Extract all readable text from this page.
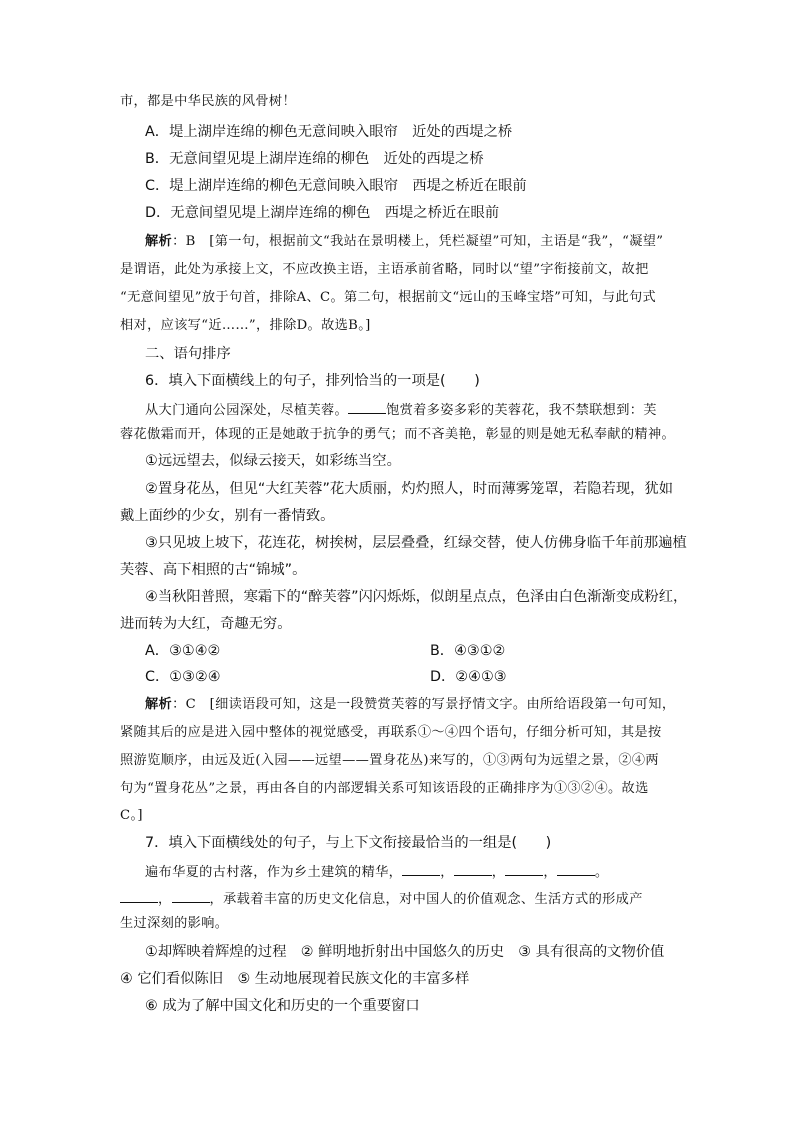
市，都是中华民族的风骨树！
A．堤上湖岸连绵的柳色无意间映入眼帘　近处的西堤之桥
B．无意间望见堤上湖岸连绵的柳色　近处的西堤之桥
C．堤上湖岸连绵的柳色无意间映入眼帘　西堤之桥近在眼前
D．无意间望见堤上湖岸连绵的柳色　西堤之桥近在眼前
解析：B　[第一句，根据前文“我站在景明楼上，凭栏凝望”可知，主语是“我”，“凝望”
是谓语，此处为承接上文，不应改换主语，主语承前省略，同时以“望”字衔接前文，故把
“无意间望见”放于句首，排除A、C。第二句，根据前文“远山的玉峰宝塔”可知，与此句式
相对，应该写“近……”，排除D。故选B。]
二、语句排序
6．填入下面横线上的句子，排列恰当的一项是(　　)
从大门通向公园深处，尽植芙蓉。	饱赏着多姿多彩的芙蓉花，我不禁联想到：芙
蓉花傲霜而开，体现的正是她敢于抗争的勇气；而不吝美艳，彰显的则是她无私奉献的精神。
①远远望去，似绿云接天，如彩练当空。
②置身花丛，但见“大红芙蓉”花大质丽，灼灼照人，时而薄雾笼罩，若隐若现，犹如
戴上面纱的少女，别有一番情致。
③只见坡上坡下，花连花，树挨树，层层叠叠，红绿交替，使人仿佛身临千年前那遍植
芙蓉、高下相照的古“锦城”。
④当秋阳普照，寒霜下的“醉芙蓉”闪闪烁烁，似朗星点点，色泽由白色渐渐变成粉红，
进而转为大红，奇趣无穷。
A．③①④②	B．④③①②
C．①③②④	D．②④①③
解析：C　[细读语段可知，这是一段赞赏芙蓉的写景抒情文字。由所给语段第一句可知，
紧随其后的应是进入园中整体的视觉感受，再联系①～④四个语句，仔细分析可知，其是按
照游览顺序，由远及近(入园——远望——置身花丛)来写的，①③两句为远望之景，②④两
句为“置身花丛”之景，再由各自的内部逻辑关系可知该语段的正确排序为①③②④。故选
C。]
7．填入下面横线处的句子，与上下文衔接最恰当的一组是(　　)
遍布华夏的古村落，作为乡土建筑的精华，	，	，	，	。
，	，承载着丰富的历史文化信息，对中国人的价值观念、生活方式的形成产
生过深刻的影响。
①却辉映着辉煌的过程　② 鲜明地折射出中国悠久的历史　③ 具有很高的文物价值
④ 它们看似陈旧　⑤ 生动地展现着民族文化的丰富多样
⑥ 成为了解中国文化和历史的一个重要窗口
